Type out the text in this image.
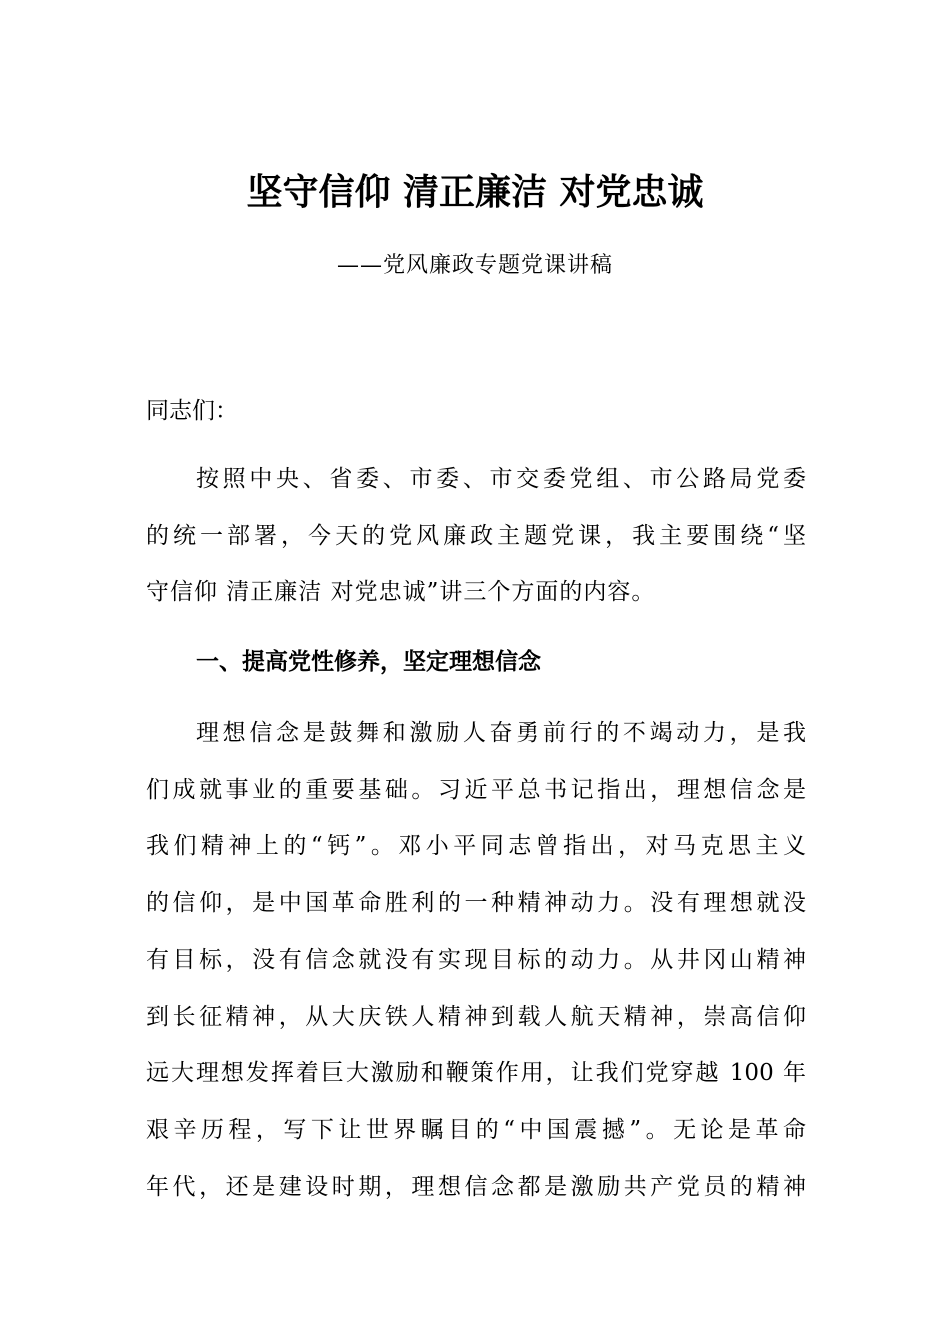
坚守信仰 清正廉洁 对党忠诚
——党风廉政专题党课讲稿
同志们：
按照中央、省委、市委、市交委党组、市公路局党委
的统一部署，今天的党风廉政主题党课，我主要围绕“坚
守信仰 清正廉洁 对党忠诚”讲三个方面的内容。
一、提高党性修养，坚定理想信念
理想信念是鼓舞和激励人奋勇前行的不竭动力，是我
们成就事业的重要基础。习近平总书记指出，理想信念是
我们精神上的“钙”。邓小平同志曾指出，对马克思主义
的信仰，是中国革命胜利的一种精神动力。没有理想就没
有目标，没有信念就没有实现目标的动力。从井冈山精神
到长征精神，从大庆铁人精神到载人航天精神，崇高信仰
远大理想发挥着巨大激励和鞭策作用，让我们党穿越 100 年
艰辛历程，写下让世界瞩目的“中国震撼”。无论是革命
年代，还是建设时期，理想信念都是激励共产党员的精神
